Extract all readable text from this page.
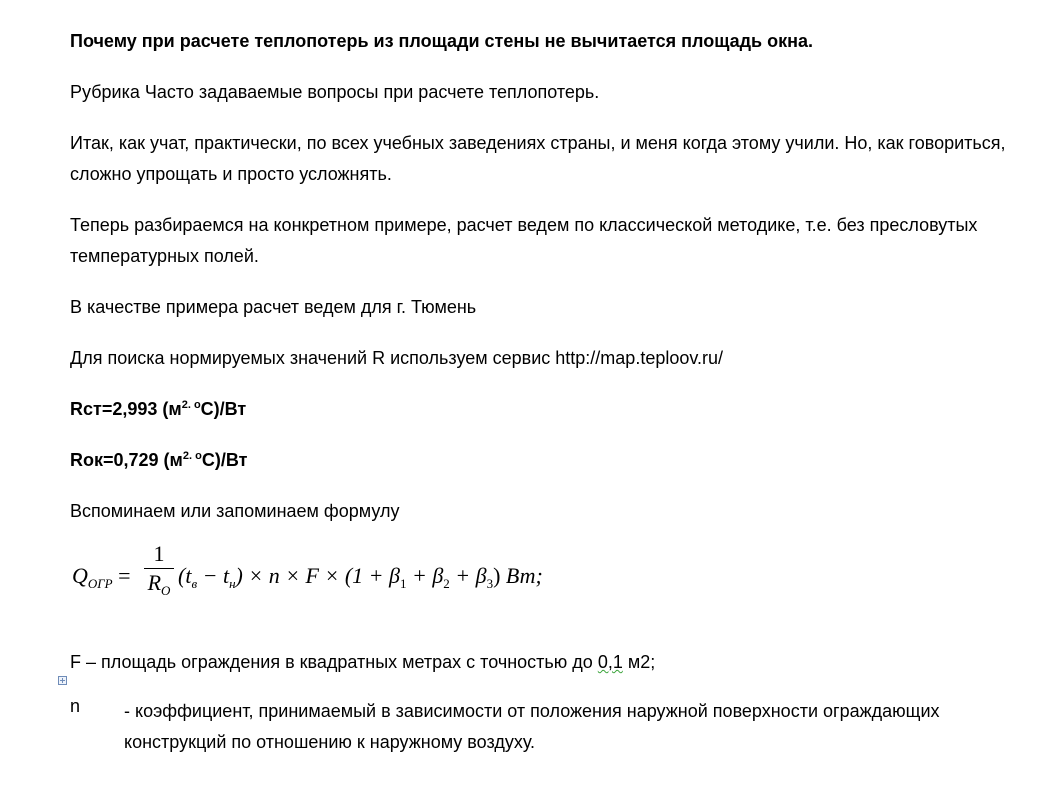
Почему при расчете теплопотерь из площади стены не вычитается площадь окна.

Рубрика Часто задаваемые вопросы при расчете теплопотерь.

Итак, как учат, практически, по всех учебных заведениях страны, и меня когда этому учили. Но, как говориться, сложно упрощать и просто усложнять.

Теперь разбираемся на конкретном примере, расчет ведем по классической методике, т.е. без пресловутых температурных полей.

В качестве примера расчет ведем для г. Тюмень

Для поиска нормируемых значений R используем сервис http://map.teploov.ru/

Rст=2,993 ($м^{2.}$ $^о$С)/Вт

Rок=0,729 ($м^{2.}$ $^о$С)/Вт

Вспоминаем или запоминаем формулу

$Q_{ОГР}$ =
1
$R_O$
$(t_в - t_н) \times n \times F \times (1 + \beta_1 + \beta_2 + \beta_3)$ Вт;

F – площадь ограждения в квадратных метрах с точностью до 0,1 м2;

n	- коэффициент, принимаемый в зависимости от положения наружной поверхности ограждающих конструкций по отношению к наружному воздуху.
